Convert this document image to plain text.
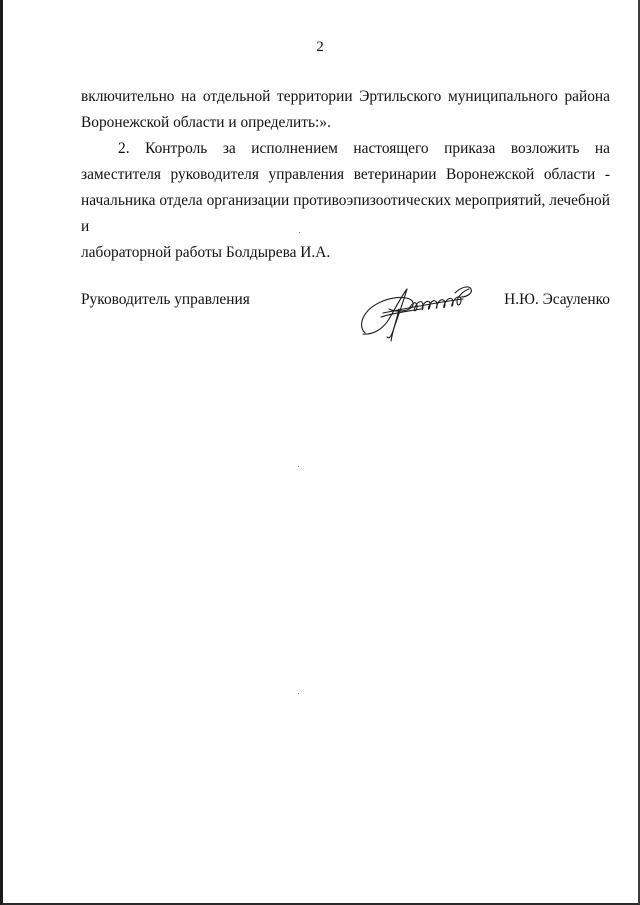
2
включительно на отдельной территории Эртильского муниципального района
Воронежской области и определить:».
2. Контроль за исполнением настоящего приказа возложить на
заместителя руководителя управления ветеринарии Воронежской области -
начальника отдела организации противоэпизоотических мероприятий, лечебной и
лабораторной работы Болдырева И.А.
Руководитель управления	Н.Ю. Эсауленко
